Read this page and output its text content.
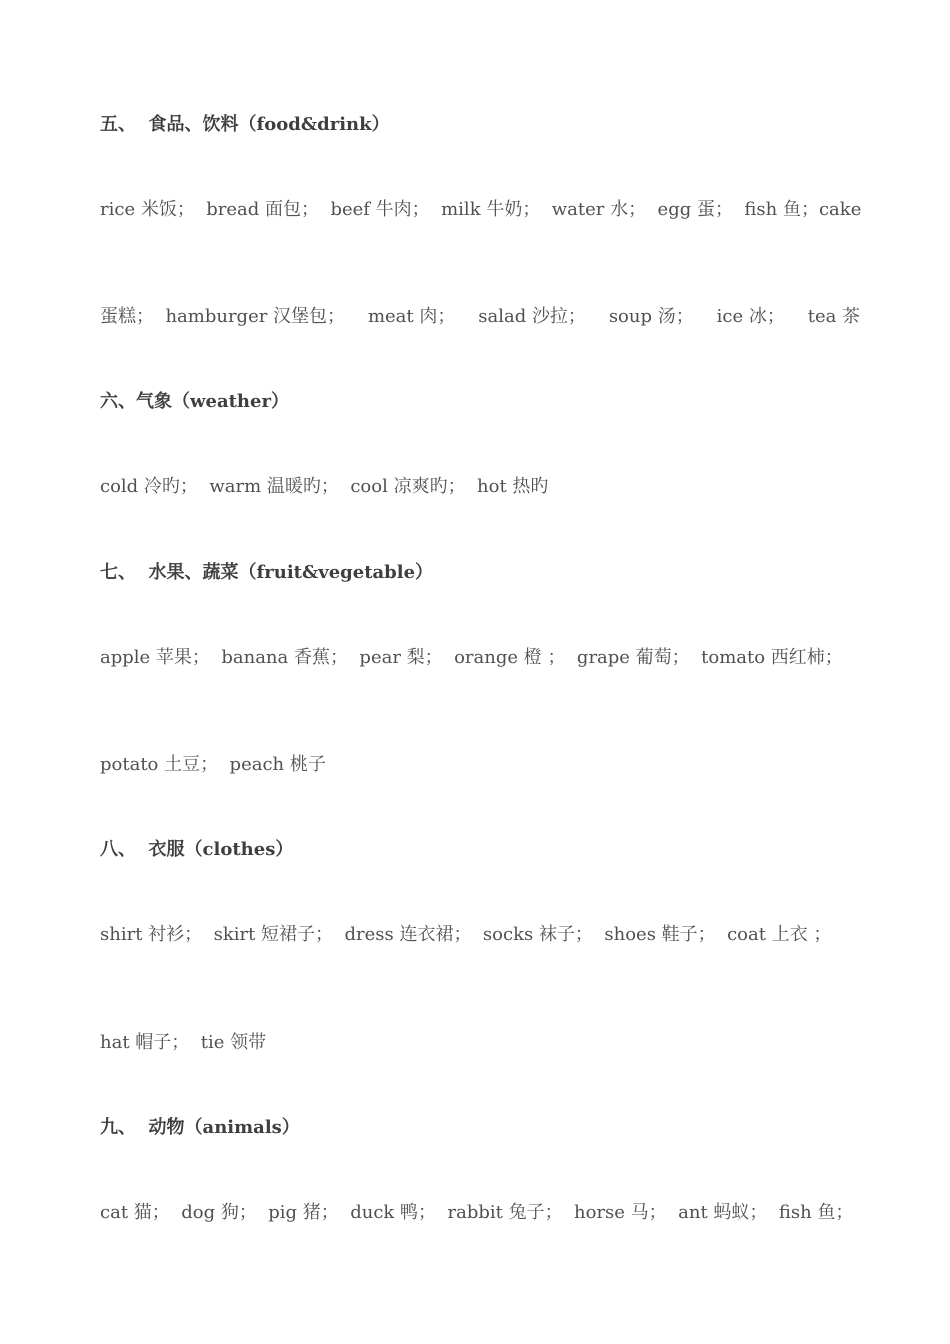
五、  食品、饮料（food&drink）
rice 米饭；  bread 面包；  beef 牛肉；  milk 牛奶；  water 水；  egg 蛋；  fish 鱼；cake
蛋糕；  hamburger 汉堡包；    meat 肉；    salad 沙拉；    soup 汤；    ice 冰；    tea 茶
六、气象（weather）
cold 冷旳；  warm 温暖旳；  cool 凉爽旳；  hot 热旳
七、  水果、蔬菜（fruit&vegetable）
apple 苹果；  banana 香蕉；  pear 梨；  orange 橙 ；  grape 葡萄；  tomato 西红柿；
potato 土豆；  peach 桃子
八、  衣服（clothes）
shirt 衬衫；  skirt 短裙子；  dress 连衣裙；  socks 袜子；  shoes 鞋子；  coat 上衣 ；
hat 帽子；  tie 领带
九、  动物（animals）
cat 猫；  dog 狗；  pig 猪；  duck 鸭；  rabbit 兔子；  horse 马；  ant 蚂蚁；  fish 鱼；
